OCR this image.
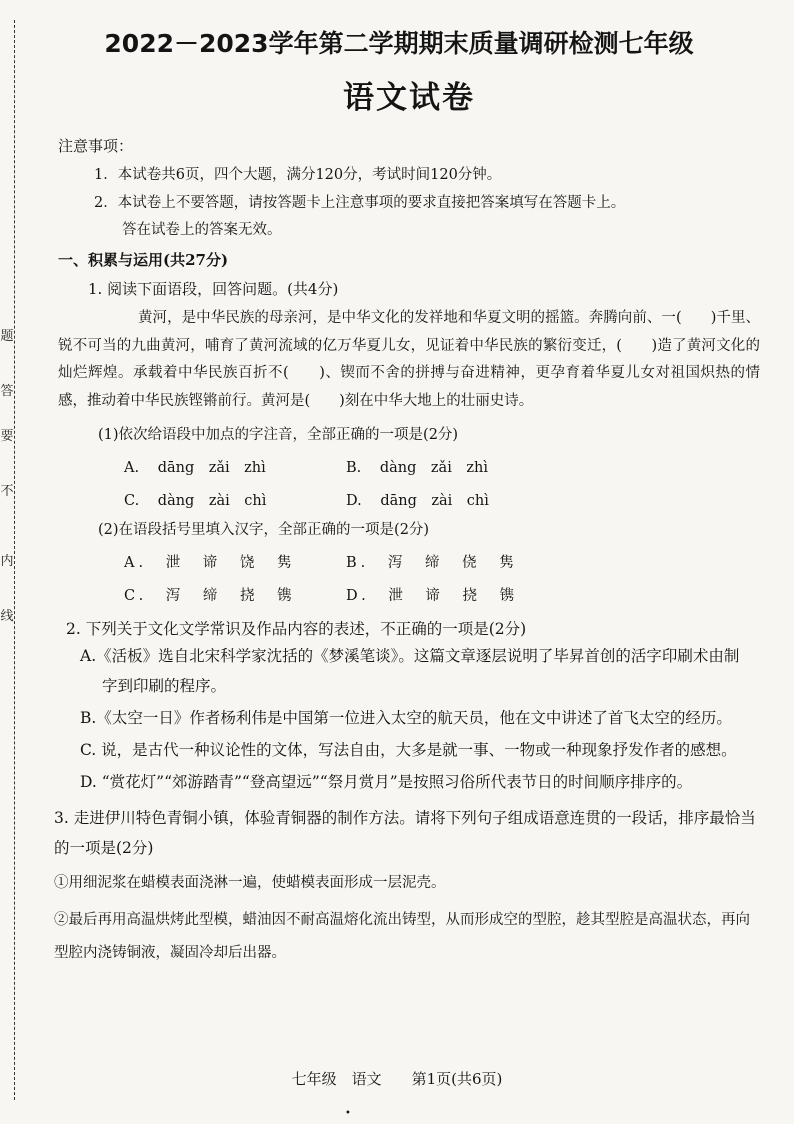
题
答
要
不
内
线
2022－2023学年第二学期期末质量调研检测七年级
语文试卷
注意事项：
1．本试卷共6页，四个大题，满分120分，考试时间120分钟。
2．本试卷上不要答题，请按答题卡上注意事项的要求直接把答案填写在答题卡上。
答在试卷上的答案无效。
一、积累与运用(共27分)
1. 阅读下面语段，回答问题。(共4分)
黄河，是中华民族的母亲河，是中华文化的发祥地和华夏文明的摇篮。奔腾向前、一(　　)千里、锐不可当的九曲黄河，哺育了黄河流域的亿万华夏儿女，见证着中华民族的繁衍变迁，(　　)造了黄河文化的灿烂辉煌。承载着中华民族百折不(　　)、锲而不舍的拼搏与奋进精神，更孕育着华夏儿女对祖国炽热的情感，推动着中华民族铿锵前行。黄河是(　　)刻在中华大地上的壮丽史诗。
(1)依次给语段中加点的字注音，全部正确的一项是(2分)
A. dāng　zǎi　zhì	B. dàng　zǎi　zhì
C. dàng　zài　chì	D. dāng　zài　chì
(2)在语段括号里填入汉字，全部正确的一项是(2分)
A. 泄 谛 饶 隽	B. 泻 缔 侥 隽
C. 泻 缔 挠 镌	D. 泄 谛 挠 镌
2. 下列关于文化文学常识及作品内容的表述，不正确的一项是(2分)
A.《活板》选自北宋科学家沈括的《梦溪笔谈》。这篇文章逐层说明了毕昇首创的活字印刷术由制字到印刷的程序。
B.《太空一日》作者杨利伟是中国第一位进入太空的航天员，他在文中讲述了首飞太空的经历。
C. 说，是古代一种议论性的文体，写法自由，大多是就一事、一物或一种现象抒发作者的感想。
D. “赏花灯”“郊游踏青”“登高望远”“祭月赏月”是按照习俗所代表节日的时间顺序排序的。
3. 走进伊川特色青铜小镇，体验青铜器的制作方法。请将下列句子组成语意连贯的一段话，排序最恰当的一项是(2分)
①用细泥浆在蜡模表面浇淋一遍，使蜡模表面形成一层泥壳。
②最后再用高温烘烤此型模，蜡油因不耐高温熔化流出铸型，从而形成空的型腔，趁其型腔是高温状态，再向型腔内浇铸铜液，凝固冷却后出器。
七年级　语文　　第1页(共6页)
•
